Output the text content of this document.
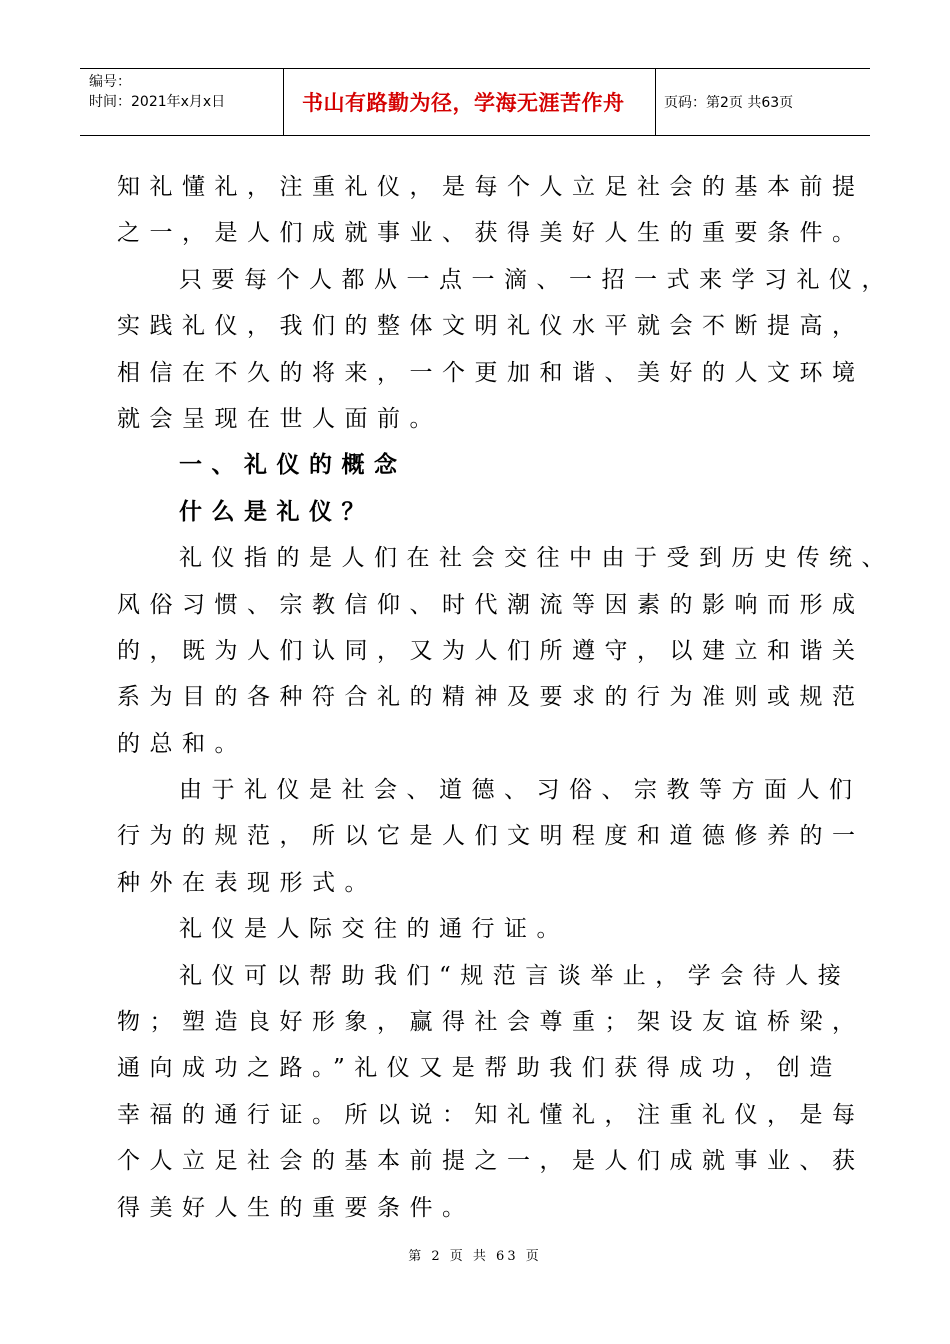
编号：
时间：2021年x月x日	书山有路勤为径，学海无涯苦作舟	页码：第2页 共63页
知礼懂礼，注重礼仪，是每个人立足社会的基本前提
之一，是人们成就事业、获得美好人生的重要条件。
只要每个人都从一点一滴、一招一式来学习礼仪，
实践礼仪，我们的整体文明礼仪水平就会不断提高，
相信在不久的将来，一个更加和谐、美好的人文环境
就会呈现在世人面前。
一、礼仪的概念
什么是礼仪？
礼仪指的是人们在社会交往中由于受到历史传统、
风俗习惯、宗教信仰、时代潮流等因素的影响而形成
的，既为人们认同，又为人们所遵守，以建立和谐关
系为目的各种符合礼的精神及要求的行为准则或规范
的总和。
由于礼仪是社会、道德、习俗、宗教等方面人们
行为的规范，所以它是人们文明程度和道德修养的一
种外在表现形式。
礼仪是人际交往的通行证。
礼仪可以帮助我们“规范言谈举止，学会待人接
物；塑造良好形象，赢得社会尊重；架设友谊桥梁，
通向成功之路。”礼仪又是帮助我们获得成功，创造
幸福的通行证。所以说：知礼懂礼，注重礼仪，是每
个人立足社会的基本前提之一，是人们成就事业、获
得美好人生的重要条件。
第 2 页 共 63 页
